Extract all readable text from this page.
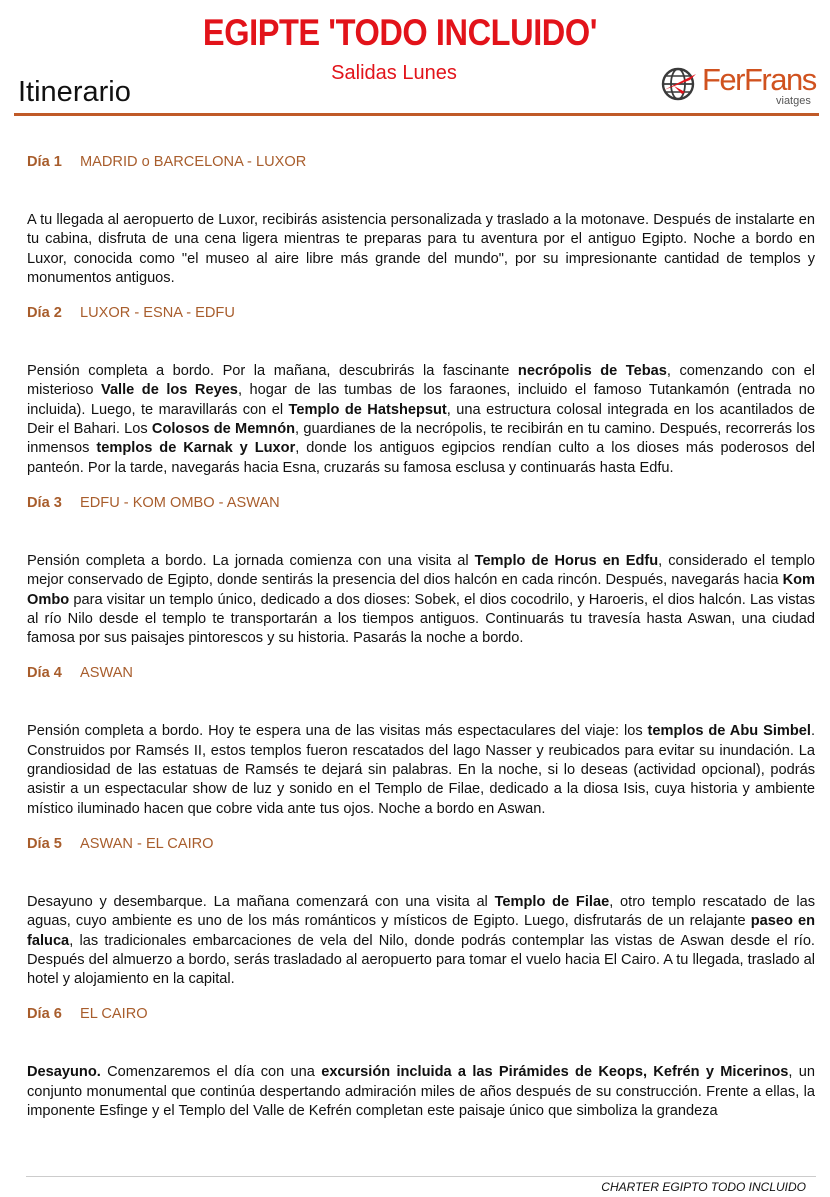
EGIPTE 'TODO INCLUIDO'
Salidas Lunes
Itinerario	FerFrans
viatges
Día 1 MADRID o BARCELONA - LUXOR
A tu llegada al aeropuerto de Luxor, recibirás asistencia personalizada y traslado a la motonave. Después de instalarte en tu cabina, disfruta de una cena ligera mientras te preparas para tu aventura por el antiguo Egipto. Noche a bordo en Luxor, conocida como "el museo al aire libre más grande del mundo", por su impresionante cantidad de templos y monumentos antiguos.
Día 2 LUXOR - ESNA - EDFU
Pensión completa a bordo. Por la mañana, descubrirás la fascinante necrópolis de Tebas, comenzando con el misterioso Valle de los Reyes, hogar de las tumbas de los faraones, incluido el famoso Tutankamón (entrada no incluida). Luego, te maravillarás con el Templo de Hatshepsut, una estructura colosal integrada en los acantilados de Deir el Bahari. Los Colosos de Memnón, guardianes de la necrópolis, te recibirán en tu camino. Después, recorrerás los inmensos templos de Karnak y Luxor, donde los antiguos egipcios rendían culto a los dioses más poderosos del panteón. Por la tarde, navegarás hacia Esna, cruzarás su famosa esclusa y continuarás hasta Edfu.
Día 3 EDFU - KOM OMBO - ASWAN
Pensión completa a bordo. La jornada comienza con una visita al Templo de Horus en Edfu, considerado el templo mejor conservado de Egipto, donde sentirás la presencia del dios halcón en cada rincón. Después, navegarás hacia Kom Ombo para visitar un templo único, dedicado a dos dioses: Sobek, el dios cocodrilo, y Haroeris, el dios halcón. Las vistas al río Nilo desde el templo te transportarán a los tiempos antiguos. Continuarás tu travesía hasta Aswan, una ciudad famosa por sus paisajes pintorescos y su historia. Pasarás la noche a bordo.
Día 4 ASWAN
Pensión completa a bordo. Hoy te espera una de las visitas más espectaculares del viaje: los templos de Abu Simbel. Construidos por Ramsés II, estos templos fueron rescatados del lago Nasser y reubicados para evitar su inundación. La grandiosidad de las estatuas de Ramsés te dejará sin palabras. En la noche, si lo deseas (actividad opcional), podrás asistir a un espectacular show de luz y sonido en el Templo de Filae, dedicado a la diosa Isis, cuya historia y ambiente místico iluminado hacen que cobre vida ante tus ojos. Noche a bordo en Aswan.
Día 5 ASWAN - EL CAIRO
Desayuno y desembarque. La mañana comenzará con una visita al Templo de Filae, otro templo rescatado de las aguas, cuyo ambiente es uno de los más románticos y místicos de Egipto. Luego, disfrutarás de un relajante paseo en faluca, las tradicionales embarcaciones de vela del Nilo, donde podrás contemplar las vistas de Aswan desde el río. Después del almuerzo a bordo, serás trasladado al aeropuerto para tomar el vuelo hacia El Cairo. A tu llegada, traslado al hotel y alojamiento en la capital.
Día 6 EL CAIRO
Desayuno. Comenzaremos el día con una excursión incluida a las Pirámides de Keops, Kefrén y Micerinos, un conjunto monumental que continúa despertando admiración miles de años después de su construcción. Frente a ellas, la imponente Esfinge y el Templo del Valle de Kefrén completan este paisaje único que simboliza la grandeza
CHARTER EGIPTO TODO INCLUIDO
